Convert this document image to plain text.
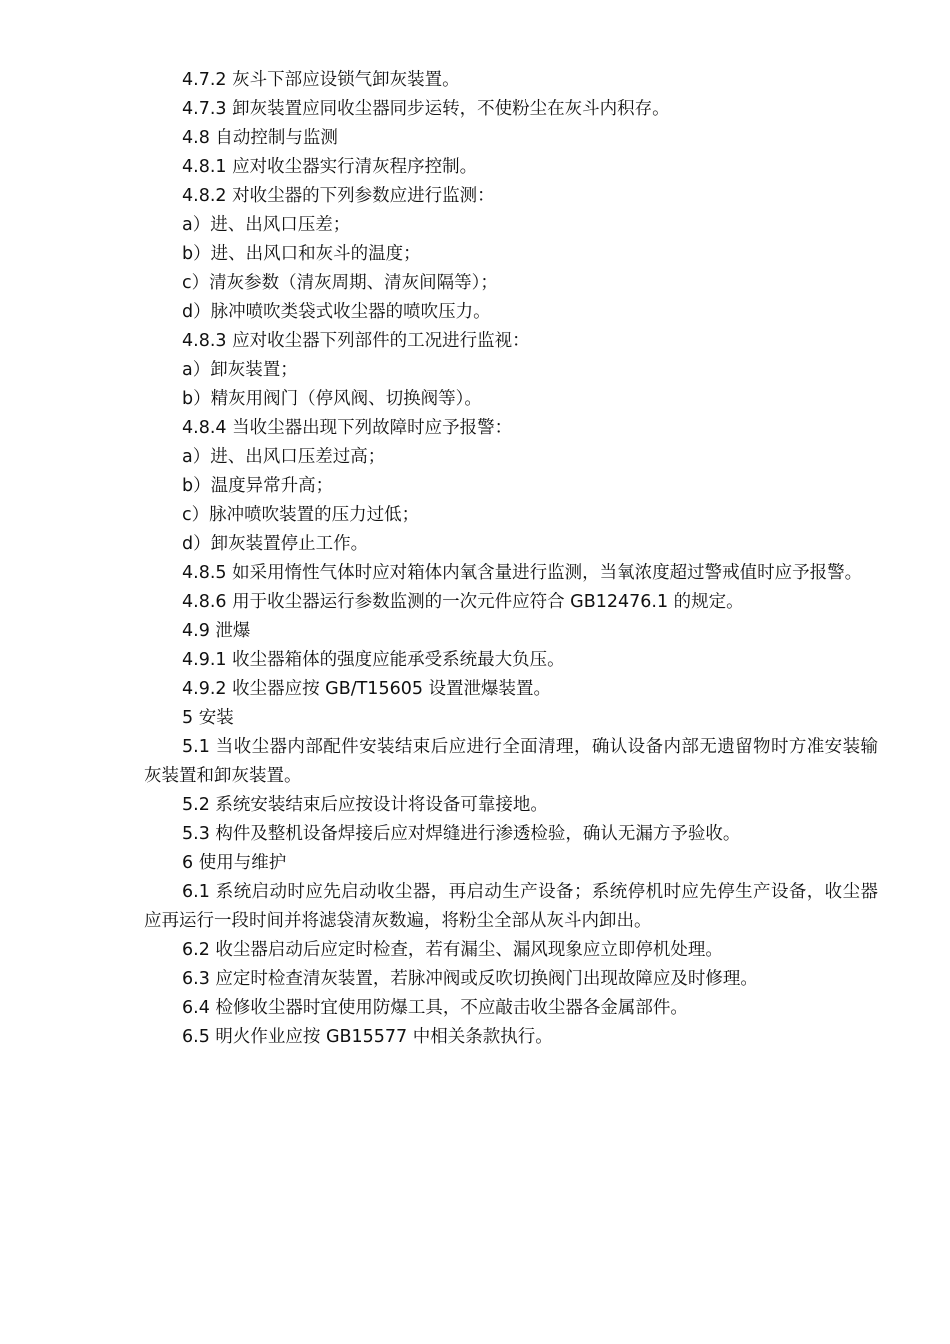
4.7.2 灰斗下部应设锁气卸灰装置。

4.7.3 卸灰装置应同收尘器同步运转，不使粉尘在灰斗内积存。

4.8 自动控制与监测

4.8.1 应对收尘器实行清灰程序控制。

4.8.2 对收尘器的下列参数应进行监测：

a）进、出风口压差；

b）进、出风口和灰斗的温度；

c）清灰参数（清灰周期、清灰间隔等）；

d）脉冲喷吹类袋式收尘器的喷吹压力。

4.8.3 应对收尘器下列部件的工况进行监视：

a）卸灰装置；

b）精灰用阀门（停风阀、切换阀等）。

4.8.4 当收尘器出现下列故障时应予报警：

a）进、出风口压差过高；

b）温度异常升高；

c）脉冲喷吹装置的压力过低；

d）卸灰装置停止工作。

4.8.5 如采用惰性气体时应对箱体内氧含量进行监测，当氧浓度超过警戒值时应予报警。

4.8.6 用于收尘器运行参数监测的一次元件应符合 GB12476.1 的规定。

4.9 泄爆

4.9.1 收尘器箱体的强度应能承受系统最大负压。

4.9.2 收尘器应按 GB/T15605 设置泄爆装置。

5 安装

5.1 当收尘器内部配件安装结束后应进行全面清理，确认设备内部无遗留物时方准安装输灰装置和卸灰装置。

5.2 系统安装结束后应按设计将设备可靠接地。

5.3 构件及整机设备焊接后应对焊缝进行渗透检验，确认无漏方予验收。

6 使用与维护

6.1 系统启动时应先启动收尘器，再启动生产设备；系统停机时应先停生产设备，收尘器应再运行一段时间并将滤袋清灰数遍，将粉尘全部从灰斗内卸出。

6.2 收尘器启动后应定时检查，若有漏尘、漏风现象应立即停机处理。

6.3 应定时检查清灰装置，若脉冲阀或反吹切换阀门出现故障应及时修理。

6.4 检修收尘器时宜使用防爆工具，不应敲击收尘器各金属部件。

6.5 明火作业应按 GB15577 中相关条款执行。
